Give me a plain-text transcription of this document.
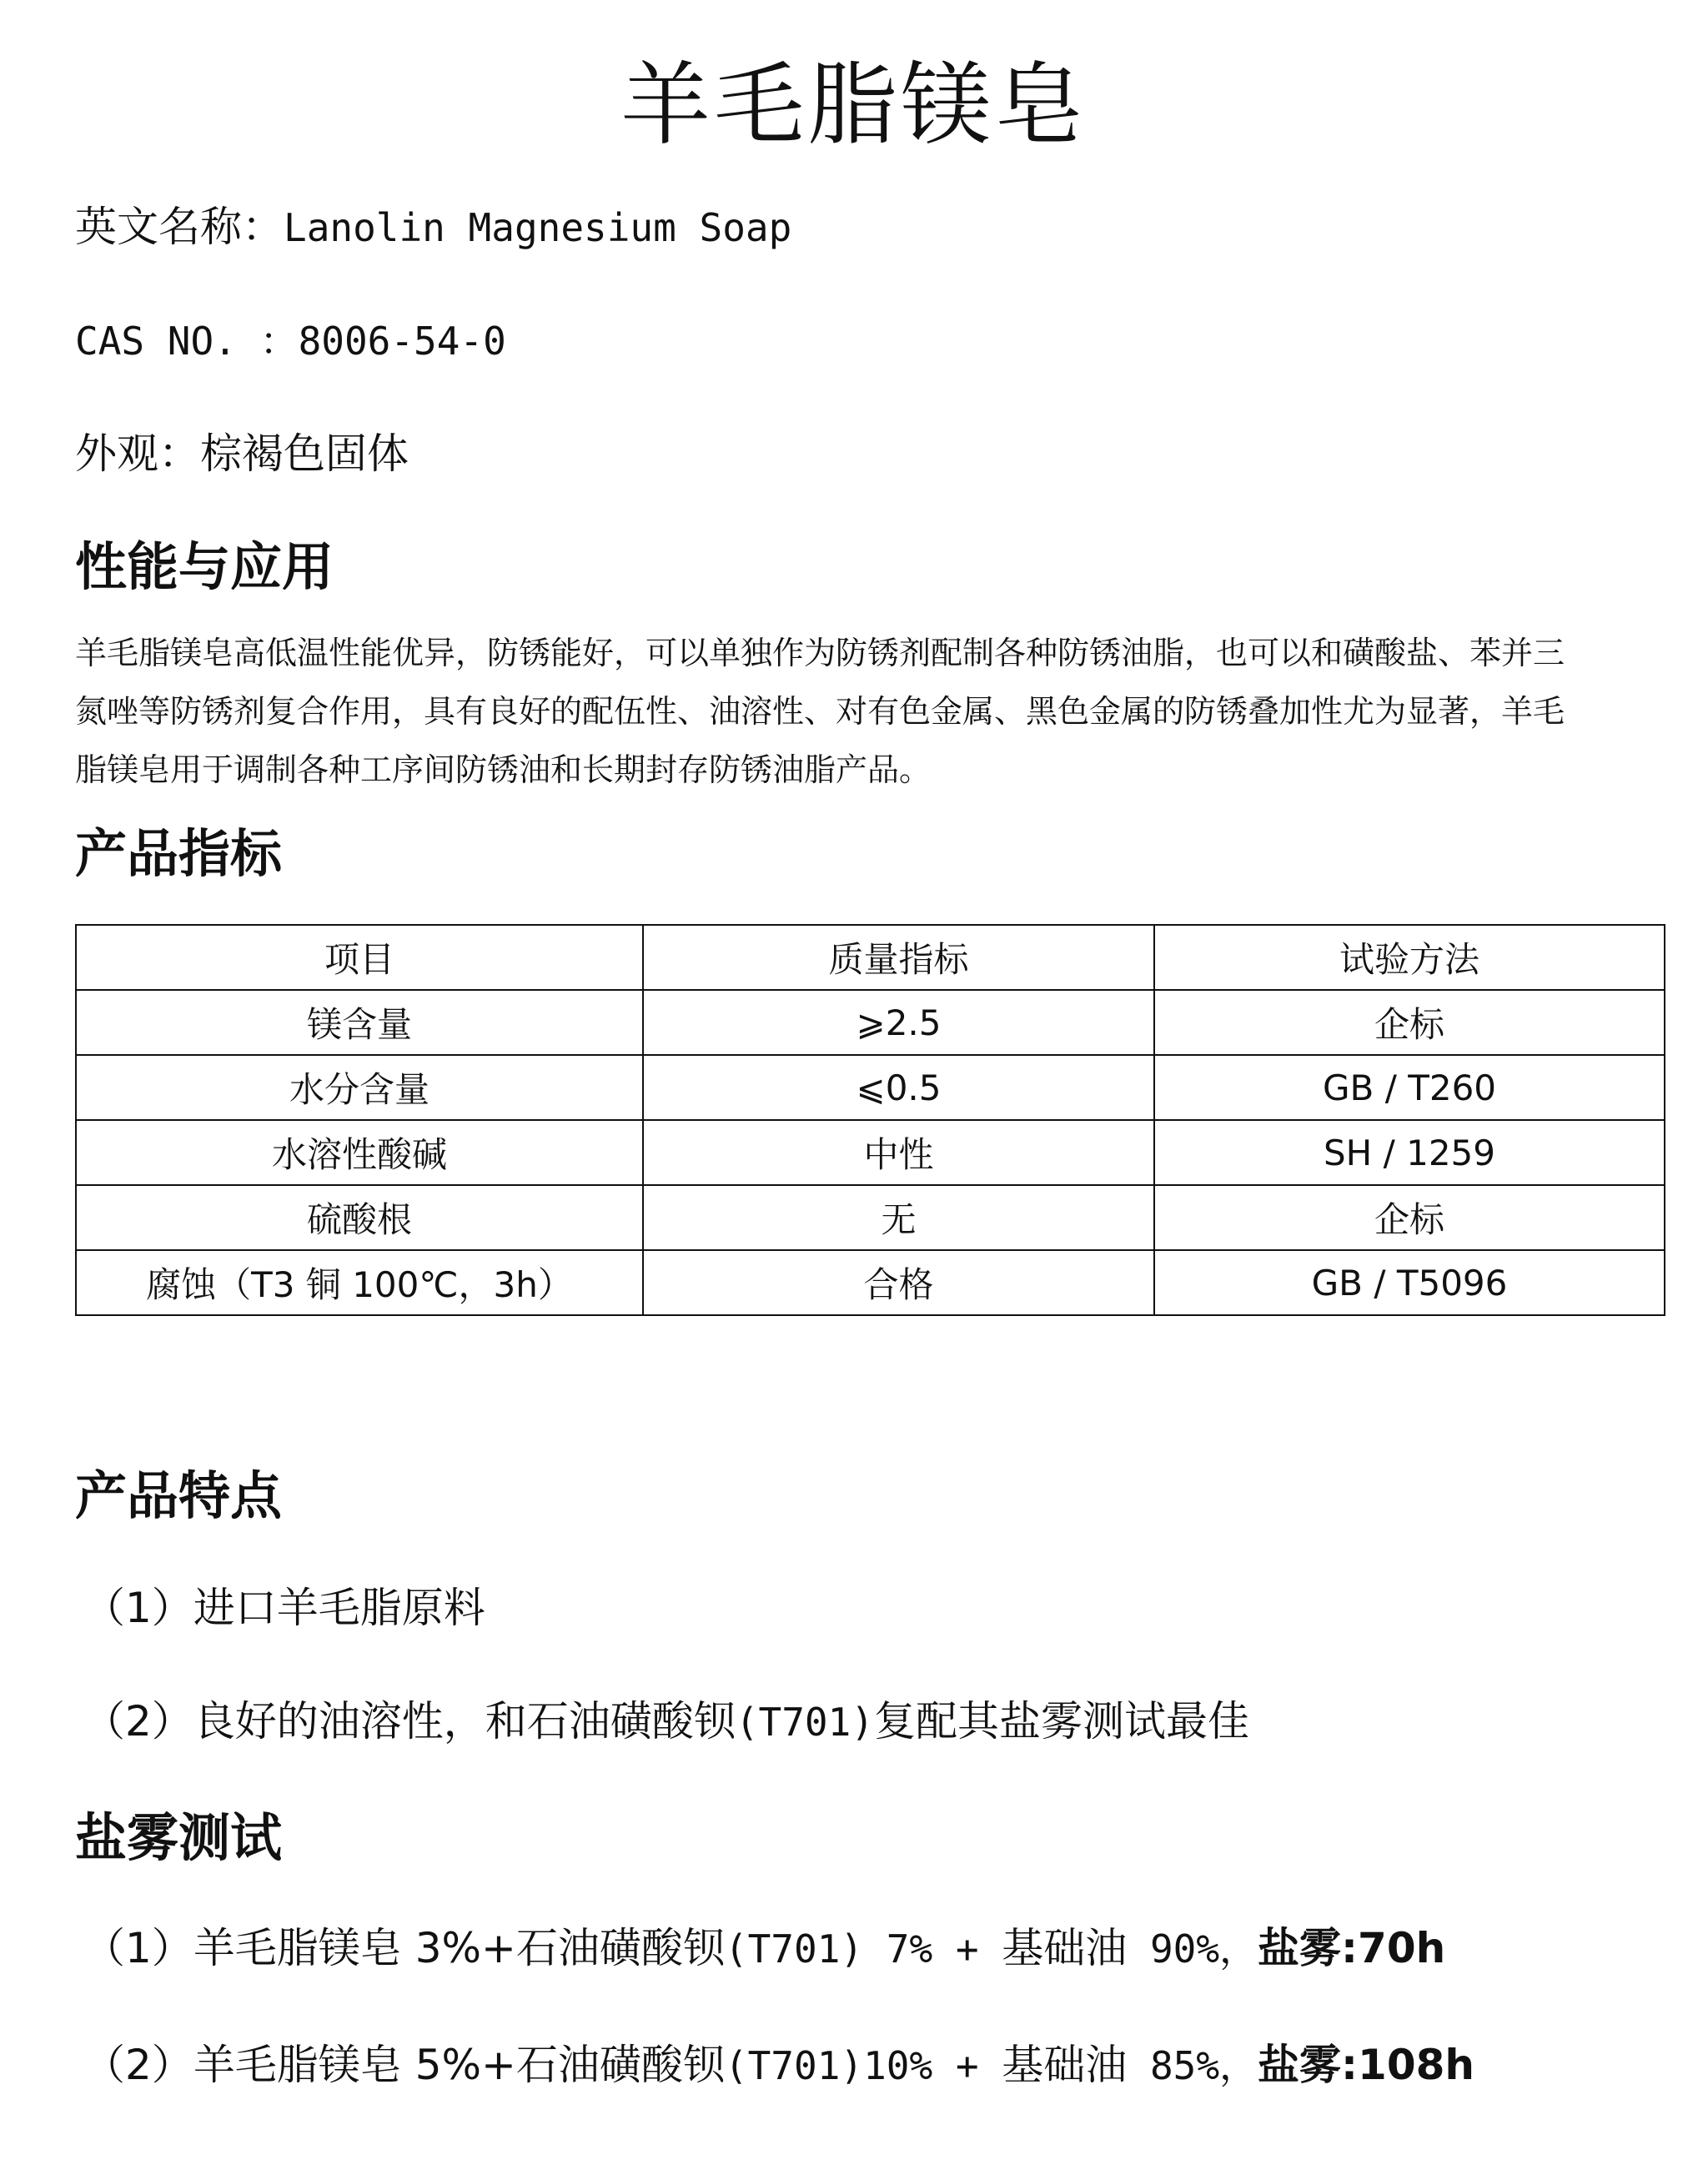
羊毛脂镁皂
英文名称：Lanolin Magnesium Soap
CAS NO. ：8006-54-0
外观：棕褐色固体
性能与应用

羊毛脂镁皂高低温性能优异，防锈能好，可以单独作为防锈剂配制各种防锈油脂，也可以和磺酸盐、苯并三氮唑等防锈剂复合作用，具有良好的配伍性、油溶性、对有色金属、黑色金属的防锈叠加性尤为显著，羊毛脂镁皂用于调制各种工序间防锈油和长期封存防锈油脂产品。

产品指标
项目	质量指标	试验方法
镁含量	⩾2.5	企标
水分含量	⩽0.5	GB / T260
水溶性酸碱	中性	SH / 1259
硫酸根	无	企标
腐蚀（T3 铜 100℃，3h）	合格	GB / T5096
产品特点
（1）进口羊毛脂原料
（2）良好的油溶性，和石油磺酸钡(T701)复配其盐雾测试最佳
盐雾测试
（1）羊毛脂镁皂 3%+石油磺酸钡(T701) 7% + 基础油 90%，盐雾:70h
（2）羊毛脂镁皂 5%+石油磺酸钡(T701)10% + 基础油 85%，盐雾:108h
